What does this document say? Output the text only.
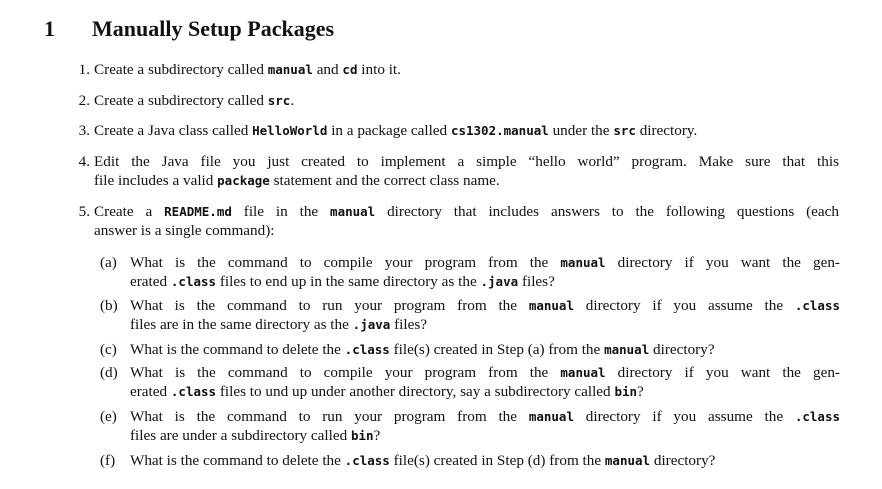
1 Manually Setup Packages
1. Create a subdirectory called manual and cd into it.
2. Create a subdirectory called src.
3. Create a Java class called HelloWorld in a package called cs1302.manual under the src directory.
4. Edit the Java file you just created to implement a simple “hello world” program. Make sure that this
file includes a valid package statement and the correct class name.
5. Create a README.md file in the manual directory that includes answers to the following questions (each
answer is a single command):
(a) What is the command to compile your program from the manual directory if you want the gen-
erated .class files to end up in the same directory as the .java files?
(b) What is the command to run your program from the manual directory if you assume the .class
files are in the same directory as the .java files?
(c) What is the command to delete the .class file(s) created in Step (a) from the manual directory?
(d) What is the command to compile your program from the manual directory if you want the gen-
erated .class files to und up under another directory, say a subdirectory called bin?
(e) What is the command to run your program from the manual directory if you assume the .class
files are under a subdirectory called bin?
(f) What is the command to delete the .class file(s) created in Step (d) from the manual directory?
